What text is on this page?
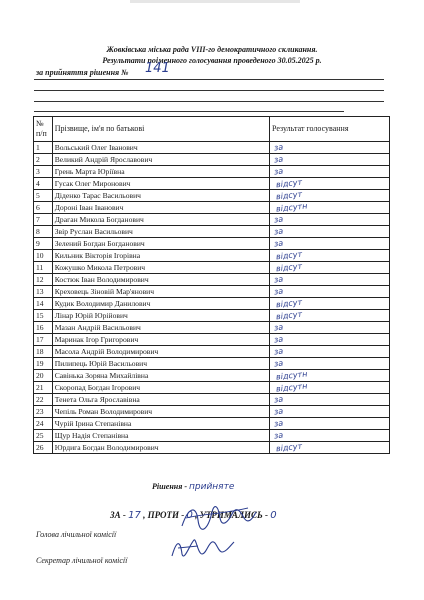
Жовківська міська рада VIII-го демократичного скликання.
Результати поіменного голосування проведеного 30.05.2025 р.
за прийняття рішення № 141
№ п/п	Прізвище, ім'я по батькові	Результат голосування
1	Вольський Олег Іванович	за
2	Великий Андрій Ярославович	за
3	Грень Марта Юріївна	за
4	Гусак Олег Миронович	відсут
5	Діденко Тарас Васильович	відсут
6	Дороні Іван Іванович	відсутн
7	Драган Микола Богданович	за
8	Звір Руслан Васильович	за
9	Зелений Богдан Богданович	за
10	Кильник Вікторія Ігорівна	відсут
11	Кожушко Микола Петрович	відсут
12	Костюк Іван Володимирович	за
13	Креховець Зіновій Мар'янович	за
14	Кудик Володимир Данилович	відсут
15	Лінар Юрій Юрійович	відсут
16	Мазан Андрій Васильович	за
17	Маринак Ігор Григорович	за
18	Масола Андрій Володимирович	за
19	Пилипець Юрій Васильович	за
20	Савінька Зоряна Михайлівна	відсутн
21	Скоропад Богдан Ігорович	відсутн
22	Тенета Ольга Ярославівна	за
23	Чепіль Роман Володимирович	за
24	Чурій Ірина Степанівна	за
25	Щур Надія Степанівна	за
26	Юрдига Богдан Володимирович	відсут
Рішення - прийняте
ЗА - 17 , ПРОТИ - 0 , УТРИМАЛИСЬ - 0
Голова лічильної комісії
Секретар лічильної комісії
